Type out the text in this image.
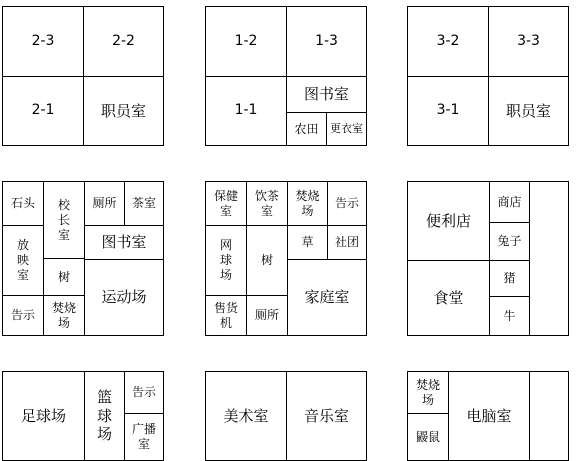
2-3	2-2
2-1	职员室
1-2	1-3
1-1
图书室
农田	更衣室
3-2	3-3
3-1	职员室
石头	校
长
室
厕所	茶室
放
映
室
图书室
树
告示
焚烧
场
运动场
保健
室
饮茶
室
焚烧
场
告示
网
球
场
树
草	社团
售货
机
厕所
家庭室
便利店
商店
兔子
猪
食堂
牛
足球场
篮
球
场
告示
广播
室
美术室	音乐室
焚烧
场
鼹鼠
电脑室
